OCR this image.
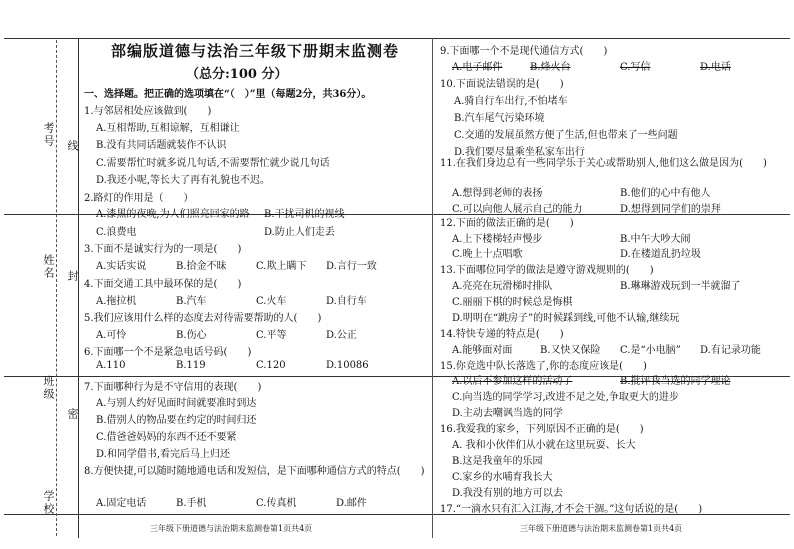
考号 线
姓名 封
班级
密
学校
部编版道德与法治三年级下册期末监测卷
（总分:100 分）
一、选择题。把正确的选项填在“（　）”里（每题2分，共36分）。
1.与邻居相处应该做到(　　)
A.互相帮助,互相谅解，互相谦让
B.没有共同话题就装作不认识
C.需要帮忙时就多说几句话,不需要帮忙就少说几句话
D.我还小呢,等长大了再有礼貌也不迟。
2.路灯的作用是（　　）
A.漆黑的夜晚,为人们照亮回家的路 B.干扰司机的视线
C.浪费电	D.防止人们走丢
3.下面不是诚实行为的一项是(　　)
A.实话实说	B.拾金不昧	C.欺上瞒下 D.言行一致
4.下面交通工具中最环保的是(　　)
A.拖拉机	B.汽车	C.火车	D.自行车
5.我们应该用什么样的态度去对待需要帮助的人(　　)
A.可怜	B.伤心	C.平等	D.公正
6.下面哪一个不是紧急电话号码(　　)
A.110	B.119	C.120	D.10086
7.下面哪种行为是不守信用的表现(　　)
A.与别人约好见面时间就要准时到达
B.借别人的物品要在约定的时间归还
C.借爸爸妈妈的东西不还不要紧
D.和同学借书,看完后马上归还
8.方便快捷,可以随时随地通电话和发短信，是下面哪种通信方式的特点(　　)
A.固定电话	B.手机	C.传真机	D.邮件
9.下面哪一个不是现代通信方式(　　)
A.电子邮件	B.烽火台	C.写信	D.电话
10.下面说法错误的是(　　)
A.骑自行车出行,不怕堵车
B.汽车尾气污染环境
C.交通的发展虽然方便了生活,但也带来了一些问题
D.我们要尽量乘坐私家车出行
11.在我们身边总有一些同学乐于关心或帮助别人,他们这么做是因为(　　)
A.想得到老师的表扬	B.他们的心中有他人
C.可以向他人展示自己的能力	D.想得到同学们的崇拜
12.下面的做法正确的是(　　)
A.上下楼梯轻声慢步	B.中午大吵大闹
C.晚上十点唱歌	D.在楼道乱扔垃圾
13.下面哪位同学的做法是遵守游戏规则的(　　)
A.亮亮在玩滑梯时排队	B.琳琳游戏玩到一半就溜了
C.丽丽下棋的时候总是悔棋
D.明明在“跳房子”的时候踩到线,可他不认输,继续玩
14.特快专递的特点是(　　)
A.能够面对面	B.又快又保险 C.是“小电脑” D.有记录功能
15.你竞选中队长落选了,你的态度应该是(　　)
A.以后不参加这样的活动了	B.批评我当选的同学理论
C.向当选的同学学习,改进不足之处,争取更大的进步
D.主动去嘲讽当选的同学
16.我爱我的家乡，下列原因不正确的是(　　)
A. 我和小伙伴们从小就在这里玩耍、长大
B.这是我童年的乐园
C.家乡的水哺育我长大
D.我没有别的地方可以去
17.“一滴水只有汇入江海,才不会干涸。”这句话说的是(　　)
三年级下册道德与法治期末监测卷第1页共4页	三年级下册道德与法治期末监测卷第1页共4页
